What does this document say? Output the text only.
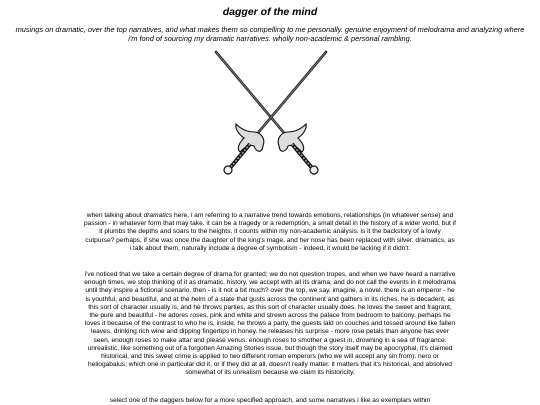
dagger of the mind

musings on dramatic, over the top narratives, and what makes them so compelling to me personally. genuine enjoyment of melodrama and analyzing where i'm fond of sourcing my dramatic narratives. wholly non-academic & personal rambling.

when talking about dramatics here, i am referring to a narrative trend towards emotions, relationships (in whatever sense) and passion - in whatever form that may take. it can be a tragedy or a redemption, a small detail in the history of a wider world, but if it plumbs the depths and soars to the heights, it counts within my non-academic analysis. is it the backstory of a lowly cutpurse? perhaps, if she was once the daughter of the king's mage, and her nose has been replaced with silver. dramatics, as i talk about them, naturally include a degree of symbolism - indeed, it would be lacking if it didn't.

i've noticed that we take a certain degree of drama for granted; we do not question tropes, and when we have heard a narrative enough times, we stop thinking of it as dramatic. history, we accept with all its drama, and do not call the events in it melodrama until they inspire a fictional scenario. then - is it not a bit much? over the top, we say. imagine, a novel. there is an emperor - he is youthful, and beautiful, and at the helm of a state that gusts across the continent and gathers in its riches. he is decadent, as this sort of character usually is, and he throws parties, as this sort of character usually does. he loves the sweet and fragrant, the pure and beautiful - he adores roses, pink and white and strewn across the palace from bedroom to balcony. perhaps he loves it because of the contrast to who he is, inside. he throws a party, the guests laid on couches and tossed around like fallen leaves, drinking rich wine and dipping fingertips in honey. he releases his surprise - more rose petals than anyone has ever seen, enough roses to make attar and please venus. enough roses to smother a guest in, drowning in a sea of fragrance.
unrealistic, like something out of a forgotten Amazing Stories issue. but though the story itself may be apocryphal, it's claimed historical, and this sweet crime is applied to two different roman emperors (who we will accept any sin from). nero or heliogabalus; which one in particular did it, or if they did at all, doesn't really matter. it matters that it's historical, and absolved somewhat of its unrealism because we claim its historicity.

select one of the daggers below for a more specified approach, and some narratives i like as exemplars within
